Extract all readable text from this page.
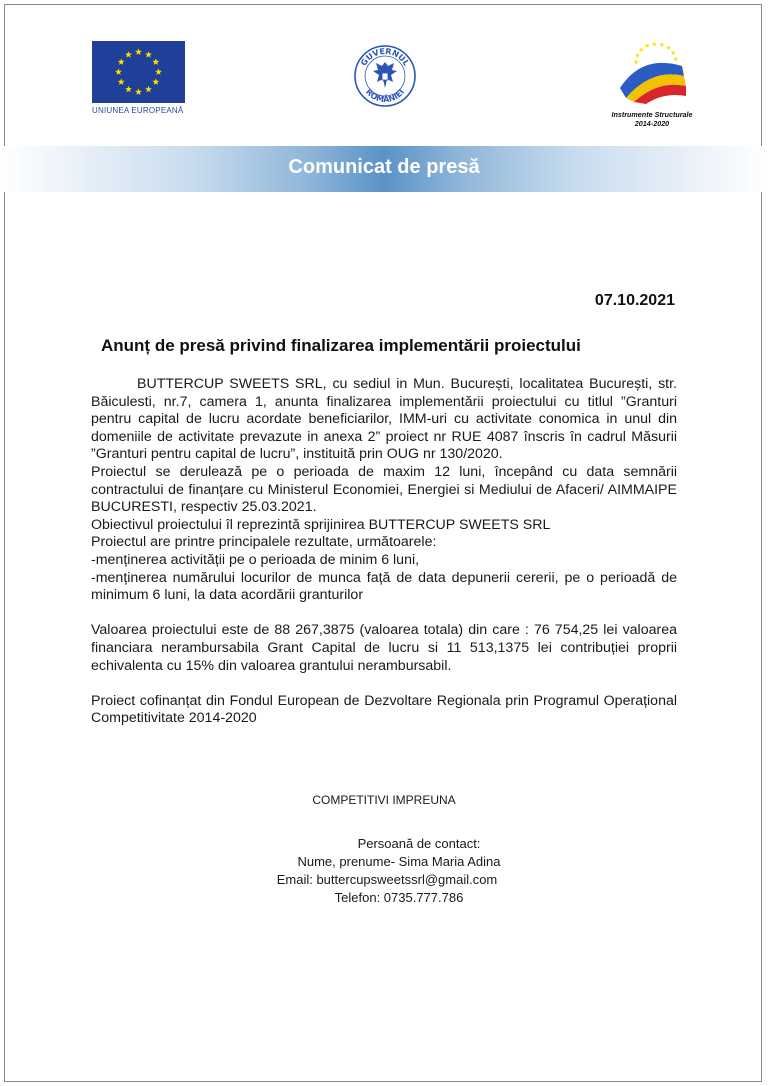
UNIUNEA EUROPEANĂ
GUVERNUL
ROMÂNIEI
Instrumente Structurale
2014-2020
Comunicat de presă
07.10.2021
Anunț de presă privind finalizarea implementării proiectului

BUTTERCUP SWEETS SRL, cu sediul in Mun. București, localitatea București, str. Băiculesti, nr.7, camera 1, anunta finalizarea implementării proiectului cu titlul ”Granturi pentru capital de lucru acordate beneficiarilor, IMM-uri cu activitate conomica in unul din domeniile de activitate prevazute in anexa 2” proiect nr RUE 4087 înscris în cadrul Măsurii ”Granturi pentru capital de lucru”, instituită prin OUG nr 130/2020.

Proiectul se derulează pe o perioada de maxim 12 luni, începând cu data semnării contractului de finanțare cu Ministerul Economiei, Energiei si Mediului de Afaceri/ AIMMAIPE BUCURESTI, respectiv 25.03.2021.

Obiectivul proiectului îl reprezintă sprijinirea BUTTERCUP SWEETS SRL

Proiectul are printre principalele rezultate, următoarele:

-menținerea activității pe o perioada de minim 6 luni,

-menținerea numărului locurilor de munca față de data depunerii cererii, pe o perioadă de minimum 6 luni, la data acordării granturilor

Valoarea proiectului este de 88 267,3875 (valoarea totala) din care : 76 754,25 lei valoarea financiara nerambursabila Grant Capital de lucru si 11 513,1375 lei contribuției proprii echivalenta cu 15% din valoarea grantului nerambursabil.

Proiect cofinanțat din Fondul European de Dezvoltare Regionala prin Programul Operațional Competitivitate 2014-2020

COMPETITIVI IMPREUNA
Persoană de contact:
Nume, prenume- Sima Maria Adina
Email: buttercupsweetssrl@gmail.com
Telefon: 0735.777.786
